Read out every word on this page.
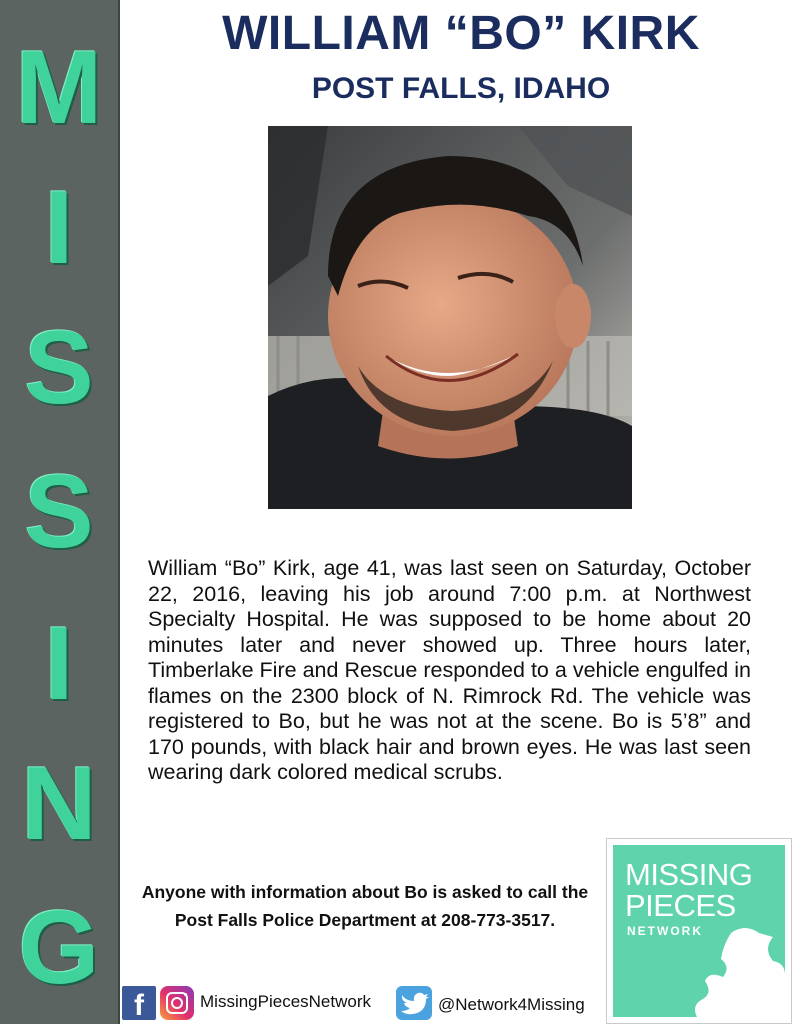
M
I
S
S
I
N
G
WILLIAM “BO” KIRK
POST FALLS, IDAHO

William “Bo” Kirk, age 41, was last seen on Saturday, October 22, 2016, leaving his job around 7:00 p.m. at Northwest Specialty Hospital. He was supposed to be home about 20 minutes later and never showed up. Three hours later, Timberlake Fire and Rescue responded to a vehicle engulfed in flames on the 2300 block of N. Rimrock Rd. The vehicle was registered to Bo, but he was not at the scene. Bo is 5’8” and 170 pounds, with black hair and brown eyes. He was last seen wearing dark colored medical scrubs.

Anyone with information about Bo is asked to call the Post Falls Police Department at 208-773-3517.

f	MissingPiecesNetwork	@Network4Missing
MISSING
PIECES
NETWORK
